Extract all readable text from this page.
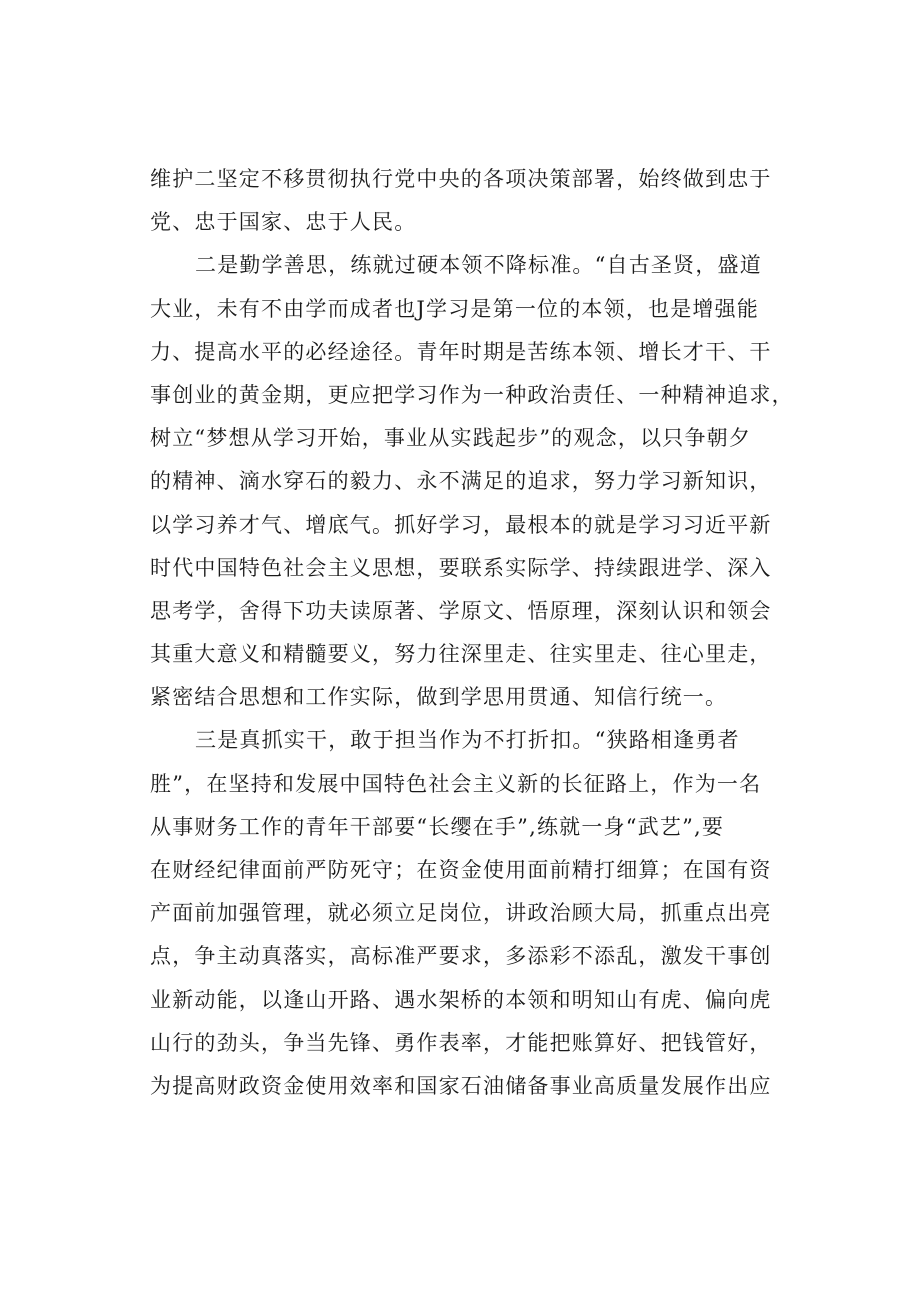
维护二坚定不移贯彻执行党中央的各项决策部署，始终做到忠于
党、忠于国家、忠于人民。
二是勤学善思，练就过硬本领不降标准。“自古圣贤，盛道
大业，未有不由学而成者也J学习是第一位的本领，也是增强能
力、提高水平的必经途径。青年时期是苦练本领、增长才干、干
事创业的黄金期，更应把学习作为一种政治责任、一种精神追求，
树立“梦想从学习开始，事业从实践起步”的观念，以只争朝夕
的精神、滴水穿石的毅力、永不满足的追求，努力学习新知识，
以学习养才气、增底气。抓好学习，最根本的就是学习习近平新
时代中国特色社会主义思想，要联系实际学、持续跟进学、深入
思考学，舍得下功夫读原著、学原文、悟原理，深刻认识和领会
其重大意义和精髓要义，努力往深里走、往实里走、往心里走，
紧密结合思想和工作实际，做到学思用贯通、知信行统一。
三是真抓实干，敢于担当作为不打折扣。“狭路相逢勇者
胜”，在坚持和发展中国特色社会主义新的长征路上，作为一名
从事财务工作的青年干部要“长缨在手”,练就一身“武艺”,要
在财经纪律面前严防死守；在资金使用面前精打细算；在国有资
产面前加强管理，就必须立足岗位，讲政治顾大局，抓重点出亮
点，争主动真落实，高标准严要求，多添彩不添乱，激发干事创
业新动能，以逢山开路、遇水架桥的本领和明知山有虎、偏向虎
山行的劲头，争当先锋、勇作表率，才能把账算好、把钱管好，
为提高财政资金使用效率和国家石油储备事业高质量发展作出应
